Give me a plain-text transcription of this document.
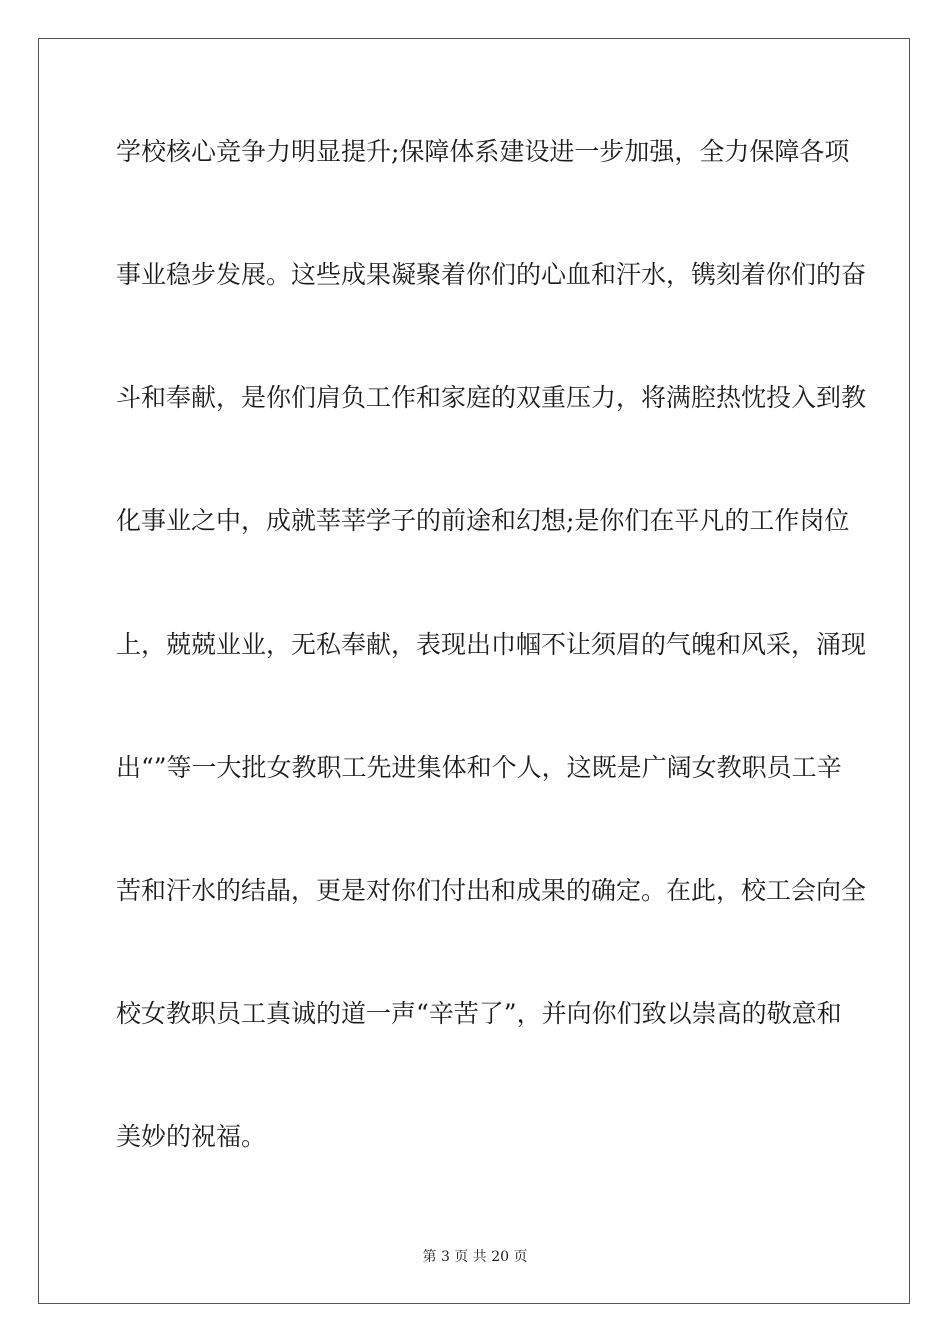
学校核心竞争力明显提升;保障体系建设进一步加强，全力保障各项
事业稳步发展。这些成果凝聚着你们的心血和汗水，镌刻着你们的奋
斗和奉献，是你们肩负工作和家庭的双重压力，将满腔热忱投入到教
化事业之中，成就莘莘学子的前途和幻想;是你们在平凡的工作岗位
上，兢兢业业，无私奉献，表现出巾帼不让须眉的气魄和风采，涌现
出“”等一大批女教职工先进集体和个人，这既是广阔女教职员工辛
苦和汗水的结晶，更是对你们付出和成果的确定。在此，校工会向全
校女教职员工真诚的道一声“辛苦了”，并向你们致以崇高的敬意和
美妙的祝福。
第 3 页 共 20 页
